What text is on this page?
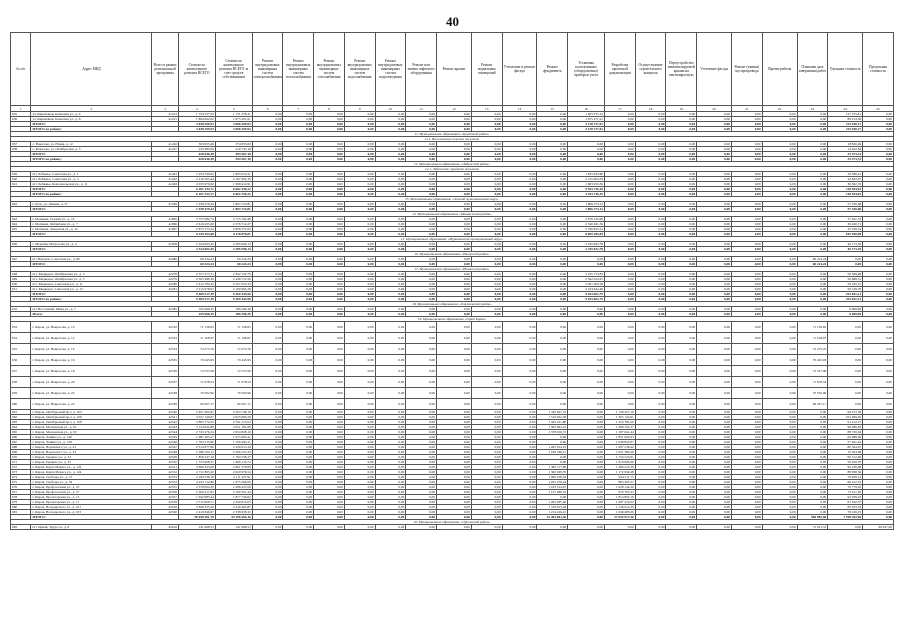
40
№ п/п	Адрес МКД	Всего в рамках региональной программы	Стоимость капитального ремонта ВСЕГО	Стоимость капитального ремонта ВСЕГО за счет средств собственников	Ремонт внутридомовых инженерных систем электроснабжения	Ремонт внутридомовых инженерных систем теплоснабжения	Ремонт внутридомовых инженерных систем газоснабжения	Ремонт внутридомовых инженерных систем водоснабжения	Ремонт внутридомовых инженерных систем водоотведения	Ремонт или замена лифтового оборудования	Ремонт крыши	Ремонт подвальных помещений	Утепление и ремонт фасада	Ремонт фундамента	Установка коллективных (общедомовых) приборов учета	Разработка проектной документации	Осуществление строительного контроля	Переустройство невентилируемой крыши на вентилируемую	Утепление фасада	Ремонт (замена) мусоропровода	Прочие работы	Плановая дата завершения работ	Удельная стоимость	Предельная стоимость
1	2	3	4	5	6	7	8	9	10	11	12	13	14	15	16	17	18	19	20	21	22	23	24	25
635	ул. Кирпичная, Кленовая ул., д. 4	41014	1 744 237,93	1 731 258,31	0,00	0,00	0,00	0,00	0,00	0,00	0,00	0,00	0,00	0,00	1 463 255,10	0,00	0,00	0,00	0,00	0,00	0,00	0,00	127 725,81	0,00
636	ул. Кирпичная, Кленовая ул., д. 6	41015	1 894 062,00	1 875 201,61	0,00	0,00	0,00	0,00	0,00	0,00	0,00	0,00	0,00	0,00	1 675 471,91	0,00	0,00	0,00	0,00	0,00	0,00	0,00	88 214,36	0,00
	ИТОГО:		3 638 299,93	3 606 459,92	0,00	0,00	0,00	0,00	0,00	0,00	0,00	0,00	0,00	0,00	3 138 727,01	0,00	0,00	0,00	0,00	0,00	0,00	0,00	215 940,17	0,00
	ИТОГО по району:		3 638 299,93	3 606 459,92	0,00	0,00	0,00	0,00	0,00	0,00	0,00	0,00	0,00	0,00	3 138 727,01	0,00	0,00	0,00	0,00	0,00	0,00	0,00	215 940,17	0,00
11. Муниципальное образование «Куменский район»																								
11.1. Вожгальское сельское поселение																								
637	с. Вожгалы, ул. Новая, д. 12	41246	393 655,49	374 835,00	0,00	0,00	0,00	0,00	0,00	0,00	0,00	0,00	0,00	0,00	0,00	0,00	0,00	0,00	0,00	0,00	0,00	0,00	18 820,49	0,00
638	с. Вожгалы, ул. Октябрьская, д. 3	41247	234 385,00	219 732,18	0,00	0,00	0,00	0,00	0,00	0,00	0,00	0,00	0,00	0,00	0,00	0,00	0,00	0,00	0,00	0,00	0,00	0,00	14 652,82	0,00
	ИТОГО:		628 040,49	594 567,18	0,00	0,00	0,00	0,00	0,00	0,00	0,00	0,00	0,00	0,00	0,00	0,00	0,00	0,00	0,00	0,00	0,00	0,00	33 473,31	0,00
	ИТОГО по району:		628 040,49	594 567,18	0,00	0,00	0,00	0,00	0,00	0,00	0,00	0,00	0,00	0,00	0,00	0,00	0,00	0,00	0,00	0,00	0,00	0,00	33 473,31	0,00
12. Муниципальное образование «Лебяжский район»																								
12.1. Лебяжское городское поселение																								
639	пгт Лебяжье, Советская ул., д. 1	41461	1 934 799,65	1 895 012,21	0,00	0,00	0,00	0,00	0,00	0,00	0,00	0,00	0,00	0,00	1 855 623,80	0,00	0,00	0,00	0,00	0,00	0,00	0,00	39 388,41	0,00
640	пгт Лебяжье, Советская ул., д. 3	41462	2 210 563,44	2 167 905,10	0,00	0,00	0,00	0,00	0,00	0,00	0,00	0,00	0,00	0,00	2 125 062,03	0,00	0,00	0,00	0,00	0,00	0,00	0,00	42 843,07	0,00
641	пгт Лебяжье, Комсомольская ул., д. 11	41463	2 035 970,62	1 999 412,91	0,00	0,00	0,00	0,00	0,00	0,00	0,00	0,00	0,00	0,00	1 963 050,36	0,00	0,00	0,00	0,00	0,00	0,00	0,00	36 362,55	0,00
	ИТОГО:		6 181 333,71	6 062 330,22	0,00	0,00	0,00	0,00	0,00	0,00	0,00	0,00	0,00	0,00	5 943 736,19	0,00	0,00	0,00	0,00	0,00	0,00	0,00	118 594,03	0,00
	ИТОГО по району:		6 181 333,71	6 062 330,22	0,00	0,00	0,00	0,00	0,00	0,00	0,00	0,00	0,00	0,00	5 943 736,19	0,00	0,00	0,00	0,00	0,00	0,00	0,00	118 594,03	0,00
13. Муниципальное образование «Лузский муниципальный округ»																								
642	г. Луза, ул. Ленина, д. 37	41569	1 938 479,44	1 863 723,81	0,00	0,00	0,00	0,00	0,00	0,00	0,00	0,00	0,00	0,00	1 806 373,13	0,00	0,00	0,00	0,00	0,00	0,00	0,00	57 350,68	0,00
	ИТОГО:		1 938 479,44	1 863 723,81	0,00	0,00	0,00	0,00	0,00	0,00	0,00	0,00	0,00	0,00	1 806 373,13	0,00	0,00	0,00	0,00	0,00	0,00	0,00	57 350,68	0,00
14. Муниципальное образование «Малмыжский район»																								
643	г. Малмыж, Газовая ул., д. 10	41865	2 757 084,74	2 715 792,49	0,00	0,00	0,00	0,00	0,00	0,00	0,00	0,00	0,00	0,00	2 678 150,96	0,00	0,00	0,00	0,00	0,00	0,00	0,00	37 641,53	0,00
644	г. Малмыж, Фабричная ул., д. 7	41866	2 616 435,60	2 576 712,27	0,00	0,00	0,00	0,00	0,00	0,00	0,00	0,00	0,00	0,00	2 540 291,56	0,00	0,00	0,00	0,00	0,00	0,00	0,00	36 420,71	0,00
645	г. Малмыж, Заводская ул., д. 12	41867	2 875 773,34	2 826 372,05	0,00	0,00	0,00	0,00	0,00	0,00	0,00	0,00	0,00	0,00	2 790 843,31	0,00	0,00	0,00	0,00	0,00	0,00	0,00	35 528,74	0,00
	ИТОГО:		8 249 293,68	8 118 876,81	0,00	0,00	0,00	0,00	0,00	0,00	0,00	0,00	0,00	0,00	8 009 285,83	0,00	0,00	0,00	0,00	0,00	0,00	0,00	109 590,98	0,00
15. Муниципальное образование «Мурашинский муниципальный округ»																								
646	г. Мураши, Матросова ул., д. 4	41958	2 324 603,45	2 285 996,13	0,00	0,00	0,00	0,00	0,00	0,00	0,00	0,00	0,00	0,00	2 245 822,78	0,00	0,00	0,00	0,00	0,00	0,00	0,00	40 173,35	0,00
	ИТОГО:		2 324 603,45	2 285 996,13	0,00	0,00	0,00	0,00	0,00	0,00	0,00	0,00	0,00	0,00	2 245 822,78	0,00	0,00	0,00	0,00	0,00	0,00	0,00	40 173,35	0,00
16. Муниципальное образование «Нагорский район»																								
647	пгт Нагорск, Советская ул., д. 80	42086	60 224,24	60 224,24	0,00	0,00	0,00	0,00	0,00	0,00	0,00	0,00	0,00	0,00	0,00	0,00	0,00	0,00	0,00	0,00	0,00	60 224,24	0,00	0,00
	ИТОГО:		60 224,24	60 224,24	0,00	0,00	0,00	0,00	0,00	0,00	0,00	0,00	0,00	0,00	0,00	0,00	0,00	0,00	0,00	0,00	0,00	60 224,24	0,00	0,00
17. Муниципальное образование «Нолинский район»																								
648	пгт. Медведок, Октябрьская ул., д. 3	42278	2 357 273,71	2 302 132,79	0,00	0,00	0,00	0,00	0,00	0,00	0,00	0,00	0,00	0,00	2 245 733,83	0,00	0,00	0,00	0,00	0,00	0,00	0,00	56 398,96	0,00
649	пгт. Медведок, Октябрьская ул., д. 5	42279	2 503 480,36	2 448 712,56	0,00	0,00	0,00	0,00	0,00	0,00	0,00	0,00	0,00	0,00	2 392 024,25	0,00	0,00	0,00	0,00	0,00	0,00	0,00	56 688,31	0,00
650	пгт. Медведок, Советская ул., д. 11	42280	2 412 784,45	2 357 635,33	0,00	0,00	0,00	0,00	0,00	0,00	0,00	0,00	0,00	0,00	2 301 200,18	0,00	0,00	0,00	0,00	0,00	0,00	0,00	56 435,15	0,00
651	пгт. Медведок, Советская ул., д. 13	42281	2 215 978,97	2 160 963,28	0,00	0,00	0,00	0,00	0,00	0,00	0,00	0,00	0,00	0,00	2 104 644,49	0,00	0,00	0,00	0,00	0,00	0,00	0,00	56 318,79	0,00
	ИТОГО:		9 489 517,49	9 269 443,96	0,00	0,00	0,00	0,00	0,00	0,00	0,00	0,00	0,00	0,00	9 043 602,75	0,00	0,00	0,00	0,00	0,00	0,00	0,00	225 841,21	0,00
	ИТОГО по району:		9 489 517,49	9 269 443,96	0,00	0,00	0,00	0,00	0,00	0,00	0,00	0,00	0,00	0,00	9 043 602,75	0,00	0,00	0,00	0,00	0,00	0,00	0,00	225 841,21	0,00
18. Муниципальное образование «Омутнинский район»																								
652	пгт Восточный, Мира ул., д. 7	42385	195 966,35	189 296,39	0,00	0,00	0,00	0,00	0,00	0,00	0,00	0,00	0,00	0,00	0,00	0,00	0,00	0,00	0,00	0,00	0,00	0,00	6 669,96	0,00
	Итого:		195 966,35	189 296,39	0,00	0,00	0,00	0,00	0,00	0,00	0,00	0,00	0,00	0,00	0,00	0,00	0,00	0,00	0,00	0,00	0,00	0,00	6 669,96	0,00
19. Муниципальное образование «Город Киров»																								
653	г. Киров, ул. Некрасова, д. 10	42532	71 136,65	71 136,65	0,00	0,00	0,00	0,00	0,00	0,00	0,00	0,00	0,00	0,00	0,00	0,00	0,00	0,00	0,00	0,00	0,00	71 136,65	0,00	0,00
654	г. Киров, ул. Некрасова, д. 12	42533	71 108,97	71 108,97	0,00	0,00	0,00	0,00	0,00	0,00	0,00	0,00	0,00	0,00	0,00	0,00	0,00	0,00	0,00	0,00	0,00	71 108,97	0,00	0,00
655	г. Киров, ул. Некрасова, д. 14	42534	72 275,76	72 275,76	0,00	0,00	0,00	0,00	0,00	0,00	0,00	0,00	0,00	0,00	0,00	0,00	0,00	0,00	0,00	0,00	0,00	72 275,76	0,00	0,00
656	г. Киров, ул. Некрасова, д. 16	42535	70 445,93	70 445,93	0,00	0,00	0,00	0,00	0,00	0,00	0,00	0,00	0,00	0,00	0,00	0,00	0,00	0,00	0,00	0,00	0,00	70 445,93	0,00	0,00
657	г. Киров, ул. Некрасова, д. 18	42536	72 537,08	72 537,08	0,00	0,00	0,00	0,00	0,00	0,00	0,00	0,00	0,00	0,00	0,00	0,00	0,00	0,00	0,00	0,00	0,00	72 537,08	0,00	0,00
658	г. Киров, ул. Некрасова, д. 20	42537	71 678,54	71 678,54	0,00	0,00	0,00	0,00	0,00	0,00	0,00	0,00	0,00	0,00	0,00	0,00	0,00	0,00	0,00	0,00	0,00	71 678,54	0,00	0,00
659	г. Киров, ул. Некрасова, д. 22	42538	70 592,90	70 592,90	0,00	0,00	0,00	0,00	0,00	0,00	0,00	0,00	0,00	0,00	0,00	0,00	0,00	0,00	0,00	0,00	0,00	70 592,90	0,00	0,00
660	г. Киров, ул. Некрасова, д. 24	42539	69 207,17	69 207,17	0,00	0,00	0,00	0,00	0,00	0,00	0,00	0,00	0,00	0,00	0,00	0,00	0,00	0,00	0,00	0,00	0,00	69 207,17	0,00	0,00
661	г. Киров, Октябрьский пр-т, д. 104	42540	2 657 462,81	2 563 748,10	0,00	0,00	0,00	0,00	0,00	0,00	0,00	0,00	0,00	1 326 847,55	0,00	1 138 427,19	0,00	0,00	0,00	0,00	0,00	0,00	98 473,36	0,00
662	г. Киров, Октябрьский пр-т, д. 106	42541	3 027 140,07	2 925 683,29	0,00	0,00	0,00	0,00	0,00	0,00	0,00	0,00	0,00	1 516 952,38	0,00	1 305 124,61	0,00	0,00	0,00	0,00	0,00	0,00	103 606,30	0,00
663	г. Киров, Октябрьский пр-т, д. 108	42542	2 883 774,55	2 791 215,04	0,00	0,00	0,00	0,00	0,00	0,00	0,00	0,00	0,00	1 445 221,80	0,00	1 254 781,09	0,00	0,00	0,00	0,00	0,00	0,00	91 212,15	0,00
664	г. Киров, Московская ул., д. 61	42543	3 154 632,89	3 051 181,60	0,00	0,00	0,00	0,00	0,00	0,00	0,00	0,00	0,00	1 583 992,41	0,00	1 368 702,37	0,00	0,00	0,00	0,00	0,00	0,00	98 486,82	0,00
665	г. Киров, Московская ул., д. 63	42544	2 745 276,34	2 654 828,10	0,00	0,00	0,00	0,00	0,00	0,00	0,00	0,00	0,00	1 378 456,72	0,00	1 187 641,44	0,00	0,00	0,00	0,00	0,00	0,00	88 729,94	0,00
666	г. Киров, Ленина ул., д. 146	42545	1 981 405,27	1 915 693,41	0,00	0,00	0,00	0,00	0,00	0,00	0,00	0,00	0,00	0,00	0,00	1 851 004,93	0,00	0,00	0,00	0,00	0,00	0,00	64 688,48	0,00
667	г. Киров, Ленина ул., д. 148	42546	1 764 315,80	1 706 284,11	0,00	0,00	0,00	0,00	0,00	0,00	0,00	0,00	0,00	0,00	0,00	1 648 822,67	0,00	0,00	0,00	0,00	0,00	0,00	57 461,44	0,00
668	г. Киров, Воровского ул., д. 41	42547	2 514 877,60	2 430 615,34	0,00	0,00	0,00	0,00	0,00	0,00	0,00	0,00	0,00	1 262 814,25	0,00	1 087 236,42	0,00	0,00	0,00	0,00	0,00	0,00	80 564,67	0,00
669	г. Киров, Воровского ул., д. 43	42548	2 386 104,13	2 306 225,43	0,00	0,00	0,00	0,00	0,00	0,00	0,00	0,00	0,00	1 198 336,21	0,00	1 031 584,26	0,00	0,00	0,00	0,00	0,00	0,00	76 304,96	0,00
670	г. Киров, Герцена ул., д. 33	42549	1 856 247,19	1 794 538,27	0,00	0,00	0,00	0,00	0,00	0,00	0,00	0,00	0,00	0,00	0,00	1 734 225,61	0,00	0,00	0,00	0,00	0,00	0,00	60 312,66	0,00
671	г. Киров, Герцена ул., д. 35	42550	1 723 908,51	1 666 114,72	0,00	0,00	0,00	0,00	0,00	0,00	0,00	0,00	0,00	0,00	0,00	1 610 084,96	0,00	0,00	0,00	0,00	0,00	0,00	56 029,76	0,00
672	г. Киров, Карла Маркса ул., д. 122	42551	2 960 433,06	2 861 579,93	0,00	0,00	0,00	0,00	0,00	0,00	0,00	0,00	0,00	1 485 117,86	0,00	1 280 225,39	0,00	0,00	0,00	0,00	0,00	0,00	96 236,68	0,00
673	г. Киров, Карла Маркса ул., д. 124	42552	2 711 865,20	2 620 976,54	0,00	0,00	0,00	0,00	0,00	0,00	0,00	0,00	0,00	1 360 028,70	0,00	1 172 849,48	0,00	0,00	0,00	0,00	0,00	0,00	88 098,36	0,00
674	г. Киров, Свободы ул., д. 57	42553	2 184 536,18	2 111 427,91	0,00	0,00	0,00	0,00	0,00	0,00	0,00	0,00	0,00	1 096 258,03	0,00	944 211,75	0,00	0,00	0,00	0,00	0,00	0,00	70 958,13	0,00
675	г. Киров, Свободы ул., д. 59	42554	2 043 712,86	1 975 294,06	0,00	0,00	0,00	0,00	0,00	0,00	0,00	0,00	0,00	1 025 476,44	0,00	883 405,27	0,00	0,00	0,00	0,00	0,00	0,00	66 412,35	0,00
676	г. Киров, Профсоюзная ул., д. 25	42555	2 378 004,32	2 298 437,09	0,00	0,00	0,00	0,00	0,00	0,00	0,00	0,00	0,00	1 193 514,97	0,00	1 028 142,20	0,00	0,00	0,00	0,00	0,00	0,00	76 779,92	0,00
677	г. Киров, Профсоюзная ул., д. 27	42556	2 266 417,63	2 190 501,44	0,00	0,00	0,00	0,00	0,00	0,00	0,00	0,00	0,00	1 137 486,16	0,00	979 793,33	0,00	0,00	0,00	0,00	0,00	0,00	73 221,95	0,00
678	г. Киров, Пролетарская ул., д. 15	42557	1 942 685,44	1 877 740,62	0,00	0,00	0,00	0,00	0,00	0,00	0,00	0,00	0,00	0,00	0,00	1 814 802,19	0,00	0,00	0,00	0,00	0,00	0,00	62 938,43	0,00
679	г. Киров, Пролетарская ул., д. 17	42558	2 515 006,71	2 430 912,05	0,00	0,00	0,00	0,00	0,00	0,00	0,00	0,00	0,00	1 262 095,46	0,00	1 087 474,02	0,00	0,00	0,00	0,00	0,00	0,00	81 342,57	0,00
680	г. Киров, Володарского ул., д. 101	42559	2 628 335,26	2 540 463,87	0,00	0,00	0,00	0,00	0,00	0,00	0,00	0,00	0,00	1 318 815,94	0,00	1 136 614,39	0,00	0,00	0,00	0,00	0,00	0,00	85 033,54	0,00
681	г. Киров, Володарского ул., д. 103	42560	2 419 846,97	2 338 938,32	0,00	0,00	0,00	0,00	0,00	0,00	0,00	0,00	0,00	1 214 226,41	0,00	1 046 485,66	0,00	0,00	0,00	0,00	0,00	0,00	78 226,25	0,00
	ИТОГО:		56 058 301,70	54 196 564,16	0,00	0,00	0,00	0,00	0,00	0,00	0,00	0,00	0,00	22 404 661,30	0,00	27 032 917,30	0,00	0,00	0,00	0,00	0,00	568 983,00	1 708 202,98	0,00
20. Муниципальное образование «Оричевский район»																								
682	пгт Оричи, Труда ул., д. 8	42616	141 668,53	141 668,53	0,00	0,00	0,00	0,00	0,00	0,00	0,00	0,00	0,00	0,00	0,00	0,00	0,00	0,00	0,00	0,00	0,00	72 621,53	0,00	69 047,00
